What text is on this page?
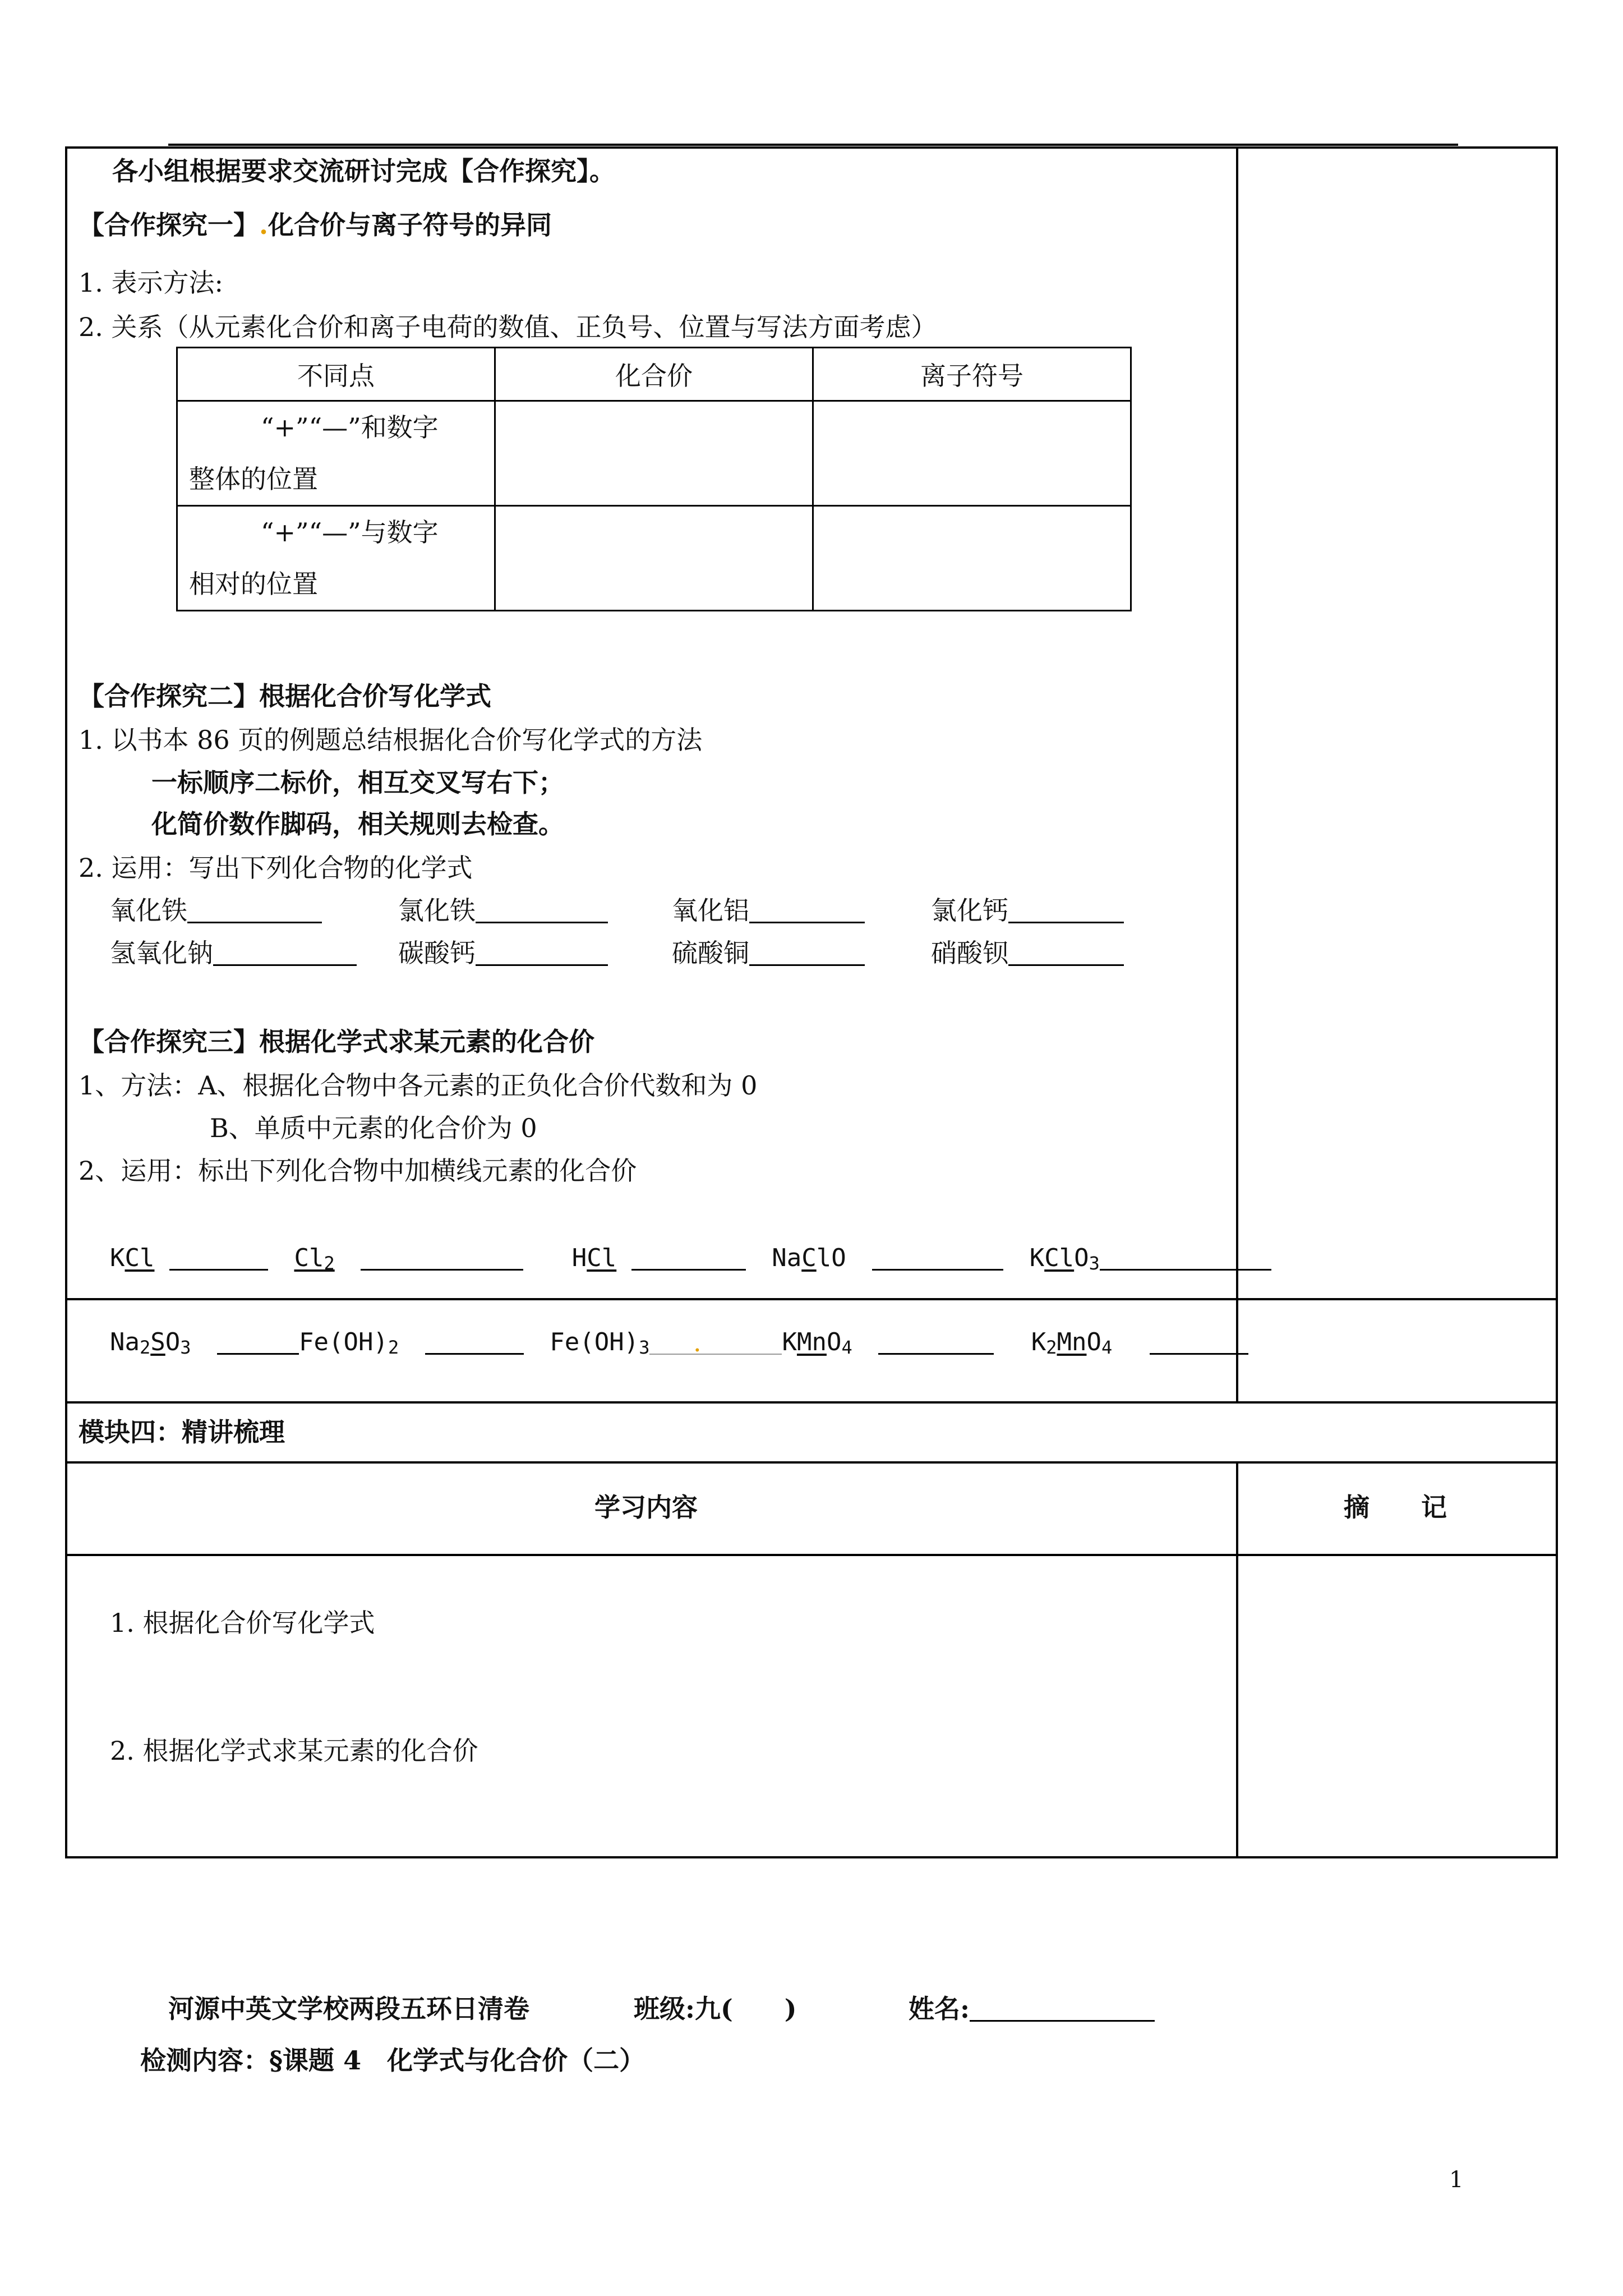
各小组根据要求交流研讨完成【合作探究】。
【合作探究一】.化合价与离子符号的异同
1. 表示方法:
2. 关系（从元素化合价和离子电荷的数值、正负号、位置与写法方面考虑）
不同点	化合价	离子符号

“+”“—”和数字
整体的位置		

“+”“—”与数字
相对的位置		

【合作探究二】根据化合价写化学式
1. 以书本 86 页的例题总结根据化合价写化学式的方法
一标顺序二标价，相互交叉写右下；
化简价数作脚码，相关规则去检查。
2. 运用：写出下列化合物的化学式
氧化铁	氯化铁	氧化铝	氯化钙
氢氧化钠	碳酸钙	硫酸铜	硝酸钡
【合作探究三】根据化学式求某元素的化合价
1、方法：A、根据化合物中各元素的正负化合价代数和为 0
B、单质中元素的化合价为 0
2、运用：标出下列化合物中加横线元素的化合价
KCl	$Cl_2$	HCl	NaClO	KClO$_3$
$Na_2SO_3$	$Fe(OH)_2$	$Fe(OH)_3$	KMnO$_4$	$K_2MnO_4$
.
模块四：精讲梳理
学习内容	摘　　记
1. 根据化合价写化学式
2. 根据化学式求某元素的化合价
河源中英文学校两段五环日清卷	班级:九(　　)	姓名:
检测内容：§课题 4　化学式与化合价（二）
1
